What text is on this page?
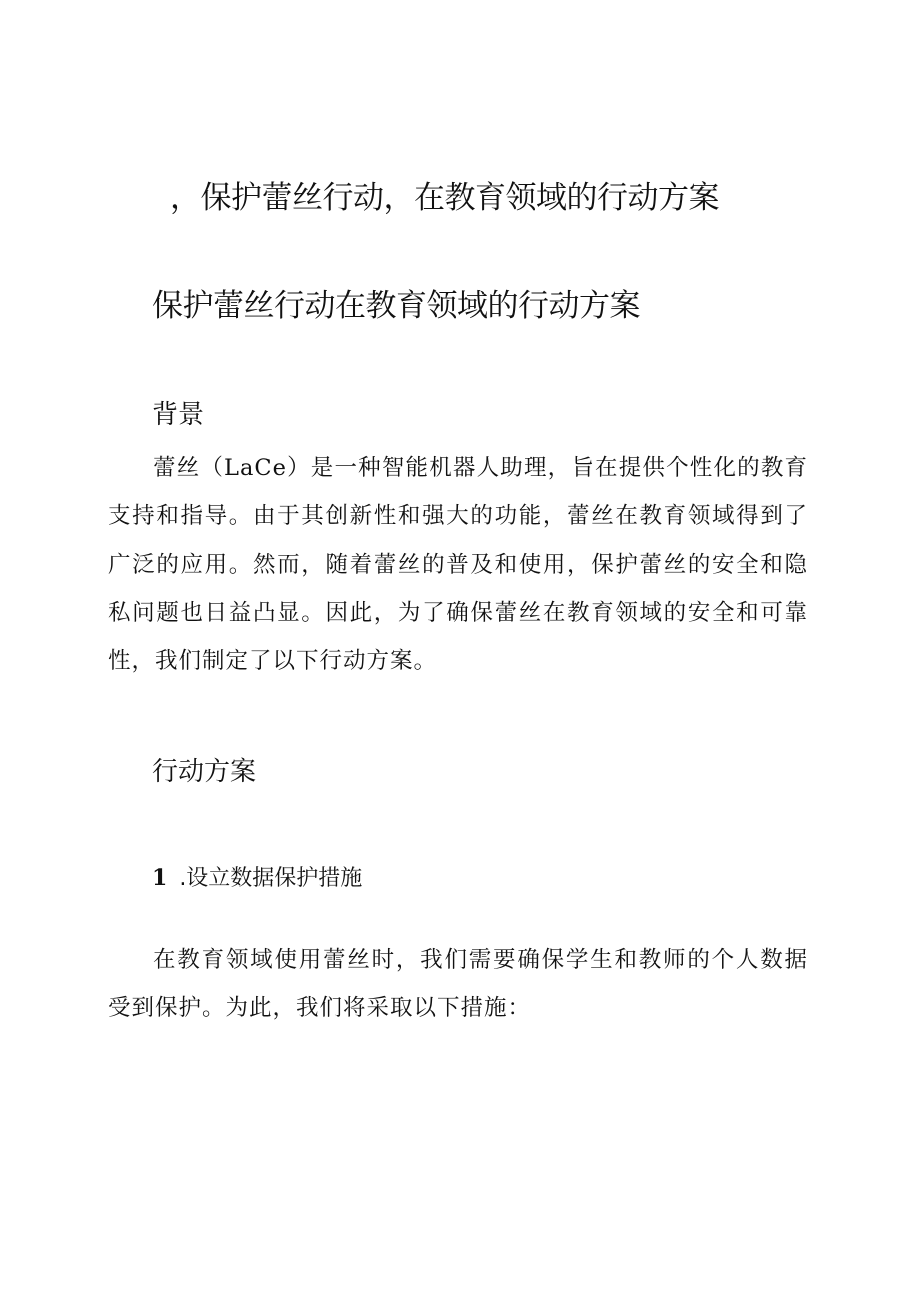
，保护蕾丝行动，在教育领域的行动方案
保护蕾丝行动在教育领域的行动方案
背景

蕾丝（LaCe）是一种智能机器人助理，旨在提供个性化的教育支持和指导。由于其创新性和强大的功能，蕾丝在教育领域得到了广泛的应用。然而，随着蕾丝的普及和使用，保护蕾丝的安全和隐私问题也日益凸显。因此，为了确保蕾丝在教育领域的安全和可靠性，我们制定了以下行动方案。

行动方案
1 .设立数据保护措施

在教育领域使用蕾丝时，我们需要确保学生和教师的个人数据受到保护。为此，我们将采取以下措施：
